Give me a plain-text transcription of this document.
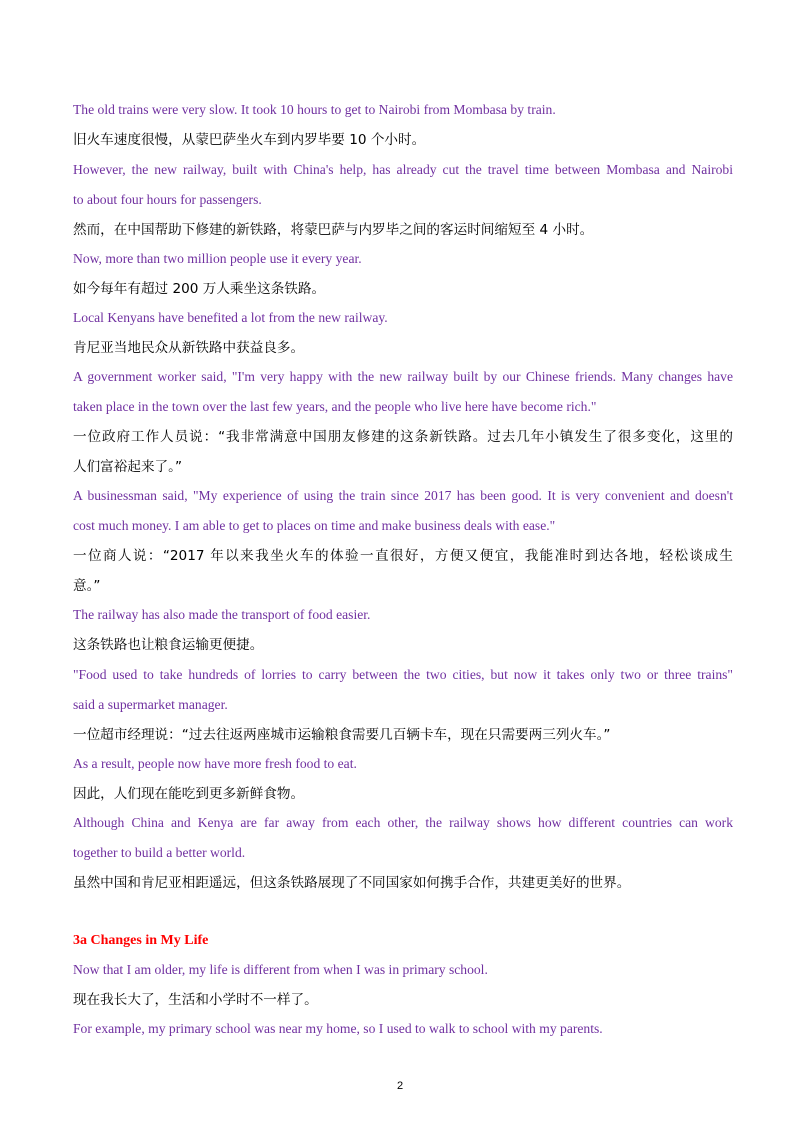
The old trains were very slow. It took 10 hours to get to Nairobi from Mombasa by train.
旧火车速度很慢，从蒙巴萨坐火车到内罗毕要 10 个小时。
However, the new railway, built with China's help, has already cut the travel time between Mombasa and Nairobi
to about four hours for passengers.
然而，在中国帮助下修建的新铁路，将蒙巴萨与内罗毕之间的客运时间缩短至 4 小时。
Now, more than two million people use it every year.
如今每年有超过 200 万人乘坐这条铁路。
Local Kenyans have benefited a lot from the new railway.
肯尼亚当地民众从新铁路中获益良多。
A government worker said, "I'm very happy with the new railway built by our Chinese friends. Many changes have
taken place in the town over the last few years, and the people who live here have become rich."
一位政府工作人员说：“我非常满意中国朋友修建的这条新铁路。过去几年小镇发生了很多变化，这里的
人们富裕起来了。”
A businessman said, "My experience of using the train since 2017 has been good. It is very convenient and doesn't
cost much money. I am able to get to places on time and make business deals with ease."
一位商人说：“2017 年以来我坐火车的体验一直很好，方便又便宜，我能准时到达各地，轻松谈成生
意。”
The railway has also made the transport of food easier.
这条铁路也让粮食运输更便捷。
"Food used to take hundreds of lorries to carry between the two cities, but now it takes only two or three trains"
said a supermarket manager.
一位超市经理说：“过去往返两座城市运输粮食需要几百辆卡车，现在只需要两三列火车。”
As a result, people now have more fresh food to eat.
因此，人们现在能吃到更多新鲜食物。
Although China and Kenya are far away from each other, the railway shows how different countries can work
together to build a better world.
虽然中国和肯尼亚相距遥远，但这条铁路展现了不同国家如何携手合作，共建更美好的世界。
3a Changes in My Life
Now that I am older, my life is different from when I was in primary school.
现在我长大了，生活和小学时不一样了。
For example, my primary school was near my home, so I used to walk to school with my parents.
2
